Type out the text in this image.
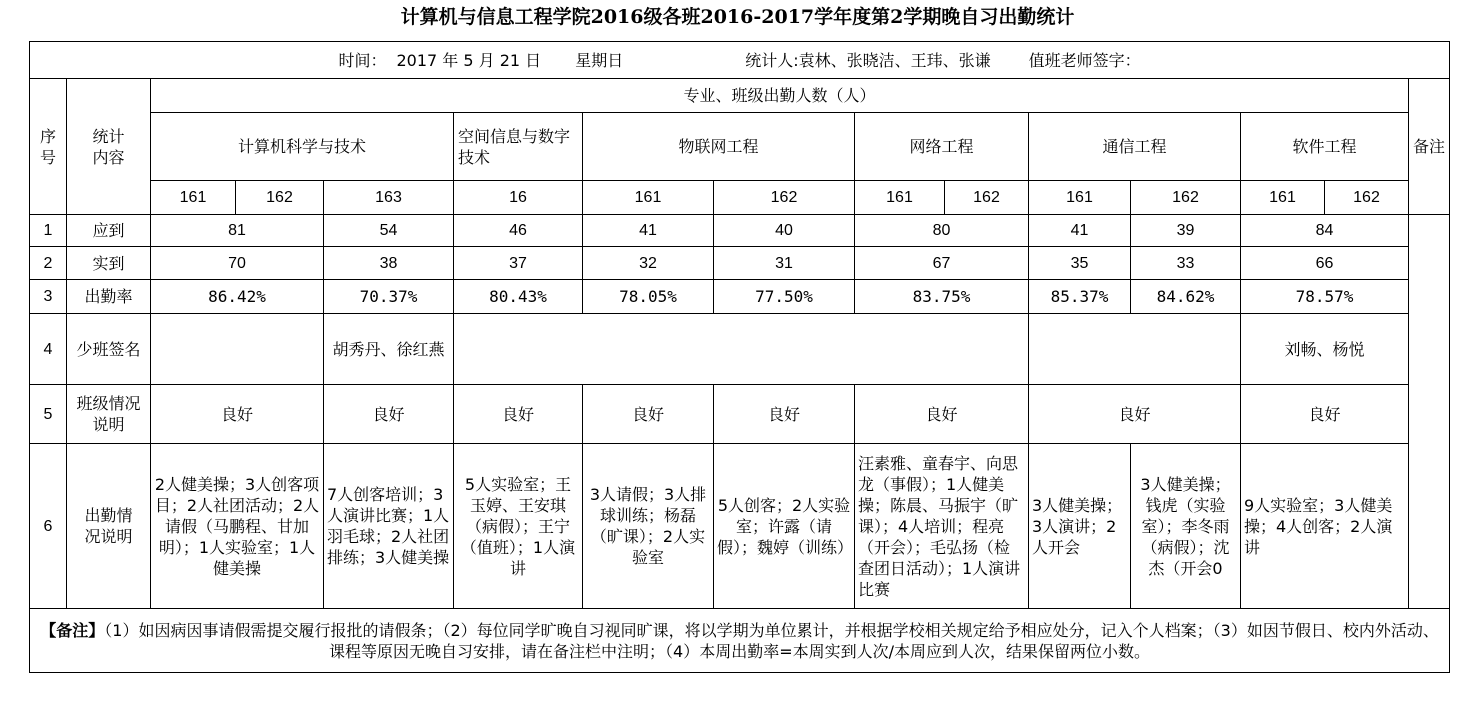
计算机与信息工程学院2016级各班2016-2017学年度第2学期晚自习出勤统计
时间： 2017 年 5 月 21 日 星期日 统计人:袁林、张晓洁、王玮、张谦 值班老师签字：														
序号	统计内容	专业、班级出勤人数（人）												备注
		计算机科学与技术			空间信息与数字技术	物联网工程		网络工程		通信工程		软件工程		
		161	162	163	16	161	162	161	162	161	162	161	162	
1	应到	81		54	46	41	40	80		41	39	84		
2	实到	70		38	37	32	31	67		35	33	66		
3	出勤率	86.42%		70.37%	80.43%	78.05%	77.50%	83.75%		85.37%	84.62%	78.57%		
4	少班签名			胡秀丹、徐红燕								刘畅、杨悦		
5	班级情况说明	良好		良好	良好	良好	良好	良好		良好		良好		
6	出勤情况说明	2人健美操；3人创客项目；2人社团活动；2人请假（马鹏程、甘加明）；1人实验室；1人健美操		7人创客培训；3人演讲比赛；1人羽毛球；2人社团排练；3人健美操	5人实验室；王玉婷、王安琪（病假）；王宁（值班）；1人演讲	3人请假；3人排球训练；杨磊（旷课）；2人实验室	5人创客；2人实验室；许露（请假）；魏婷（训练）	汪素雅、童春宇、向思龙（事假）；1人健美操；陈晨、马振宇（旷课）；4人培训；程亮（开会）；毛弘扬（检查团日活动）；1人演讲比赛		3人健美操；3人演讲；2人开会	3人健美操；钱虎（实验室）；李冬雨（病假）；沈杰（开会0	9人实验室；3人健美操；4人创客；2人演讲		
【备注】（1）如因病因事请假需提交履行报批的请假条；（2）每位同学旷晚自习视同旷课，将以学期为单位累计，并根据学校相关规定给予相应处分，记入个人档案；（3）如因节假日、校内外活动、课程等原因无晚自习安排，请在备注栏中注明；（4）本周出勤率=本周实到人次/本周应到人次，结果保留两位小数。														
